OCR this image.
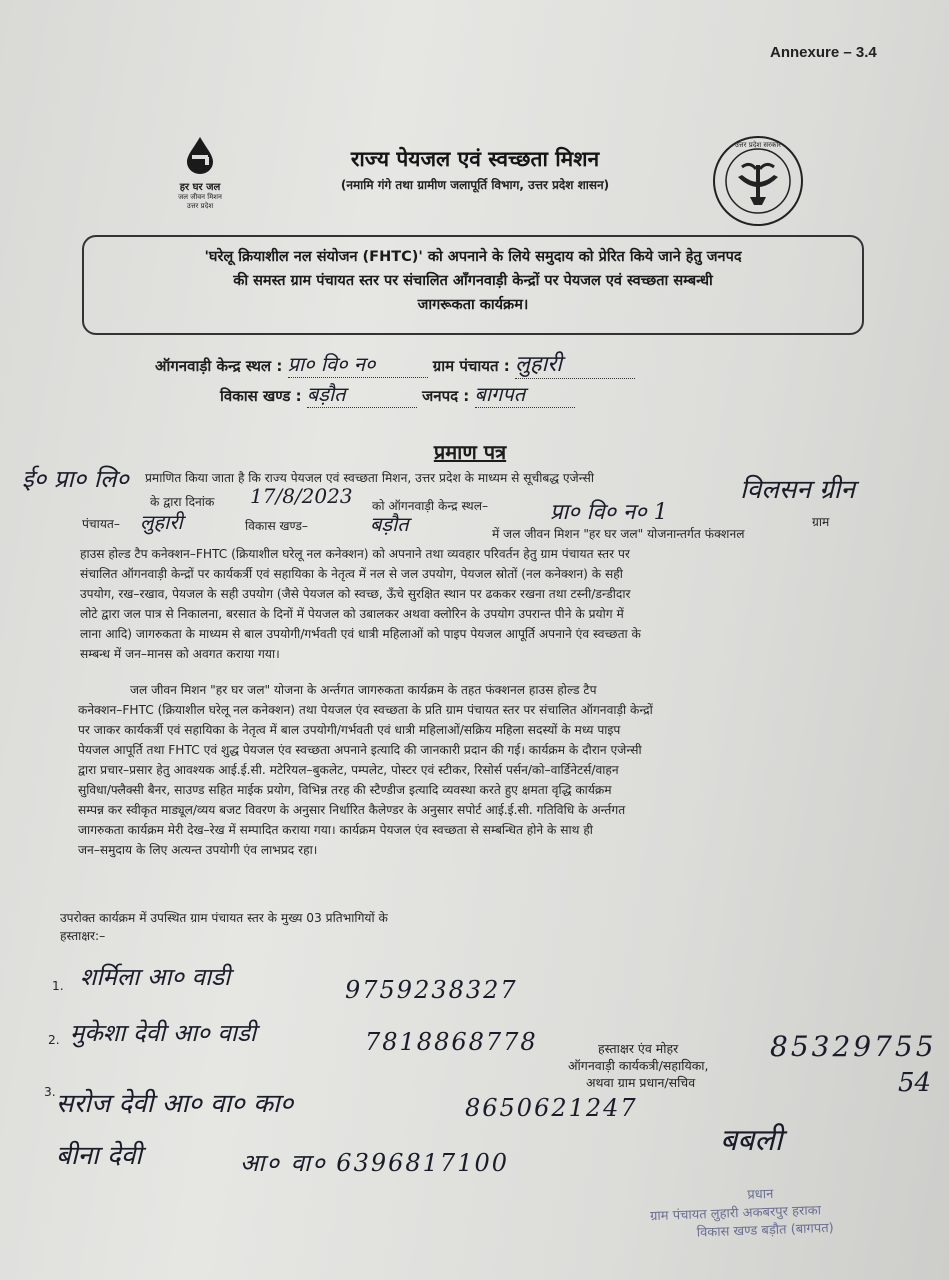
Annexure – 3.4
हर घर जल
जल जीवन मिशन
उत्तर प्रदेश
राज्य पेयजल एवं स्वच्छता मिशन
(नमामि गंगे तथा ग्रामीण जलापूर्ति विभाग, उत्तर प्रदेश शासन)
उत्तर प्रदेश सरकार
'घरेलू क्रियाशील नल संयोजन (FHTC)' को अपनाने के लिये समुदाय को प्रेरित किये जाने हेतु जनपद
की समस्त ग्राम पंचायत स्तर पर संचालित आँगनवाड़ी केन्द्रों पर पेयजल एवं स्वच्छता सम्बन्धी
जागरूकता कार्यक्रम।
ऑगनवाड़ी केन्द्र स्थल : प्रा० वि० न०	ग्राम पंचायत : लुहारी
विकास खण्ड : बड़ौत	जनपद : बागपत
प्रमाण पत्र
ई० प्रा० लि० प्रमाणित किया जाता है कि राज्य पेयजल एवं स्वच्छता मिशन, उत्तर प्रदेश के माध्यम से सूचीबद्ध एजेन्सी	विलसन ग्रीन
के द्वारा दिनांक 17/8/2023 को ऑगनवाड़ी केन्द्र स्थल–	प्रा० वि० न० 1
पंचायत– लुहारी	विकास खण्ड–	बड़ौत	में जल जीवन मिशन "हर घर जल" योजनान्तर्गत फंक्शनल
ग्राम
हाउस होल्ड टैप कनेक्शन–FHTC (क्रियाशील घरेलू नल कनेक्शन) को अपनाने तथा व्यवहार परिवर्तन हेतु ग्राम पंचायत स्तर पर
संचालित ऑगनवाड़ी केन्द्रों पर कार्यकर्त्री एवं सहायिका के नेतृत्व में नल से जल उपयोग, पेयजल स्रोतों (नल कनेक्शन) के सही
उपयोग, रख–रखाव, पेयजल के सही उपयोग (जैसे पेयजल को स्वच्छ, ऊँचे सुरक्षित स्थान पर ढककर रखना तथा टस्नी/डन्डीदार
लोटे द्वारा जल पात्र से निकालना, बरसात के दिनों में पेयजल को उबालकर अथवा क्लोरिन के उपयोग उपरान्त पीने के प्रयोग में
लाना आदि) जागरुकता के माध्यम से बाल उपयोगी/गर्भवती एवं धात्री महिलाओं को पाइप पेयजल आपूर्ति अपनाने एंव स्वच्छता के
सम्बन्ध में जन–मानस को अवगत कराया गया।
जल जीवन मिशन "हर घर जल" योजना के अर्न्तगत जागरुकता कार्यक्रम के तहत फंक्शनल हाउस होल्ड टैप
कनेक्शन–FHTC (क्रियाशील घरेलू नल कनेक्शन) तथा पेयजल एंव स्वच्छता के प्रति ग्राम पंचायत स्तर पर संचालित ऑगनवाड़ी केन्द्रों
पर जाकर कार्यकर्त्री एवं सहायिका के नेतृत्व में बाल उपयोगी/गर्भवती एवं धात्री महिलाओं/सक्रिय महिला सदस्यों के मध्य पाइप
पेयजल आपूर्ति तथा FHTC एवं शुद्ध पेयजल एंव स्वच्छता अपनाने इत्यादि की जानकारी प्रदान की गई। कार्यक्रम के दौरान एजेन्सी
द्वारा प्रचार–प्रसार हेतु आवश्यक आई.ई.सी. मटेरियल–बुकलेट, पम्पलेट, पोस्टर एवं स्टीकर, रिसोर्स पर्सन/को–वार्डिनेटर्स/वाहन
सुविधा/फ्लैक्सी बैनर, साउण्ड सहित माईक प्रयोग, विभिन्न तरह की स्टैण्डीज इत्यादि व्यवस्था करते हुए क्षमता वृद्धि कार्यक्रम
सम्पन्न कर स्वीकृत माड्यूल/व्यय बजट विवरण के अनुसार निर्धारित कैलेण्डर के अनुसार सपोर्ट आई.ई.सी. गतिविधि के अर्न्तगत
जागरुकता कार्यक्रम मेरी देख–रेख में सम्पादित कराया गया। कार्यक्रम पेयजल एंव स्वच्छता से सम्बन्धित होने के साथ ही
जन–समुदाय के लिए अत्यन्त उपयोगी एंव लाभप्रद रहा।
उपरोक्त कार्यक्रम में उपस्थित ग्राम पंचायत स्तर के मुख्य 03 प्रतिभागियों के
हस्ताक्षर:–
1. शर्मिला आ० वाडी	9759238327
2. मुकेशा देवी आ० वाडी	7818868778
3. सरोज देवी आ० वा० का०	8650621247
बीना देवी	आ० वा० 6396817100
हस्ताक्षर एंव मोहर
ऑगनवाड़ी कार्यकत्री/सहायिका,
अथवा ग्राम प्रधान/सचिव
85329755
54
बबली
प्रधान
ग्राम पंचायत लुहारी अकबरपुर हराका
विकास खण्ड बड़ौत (बागपत)
